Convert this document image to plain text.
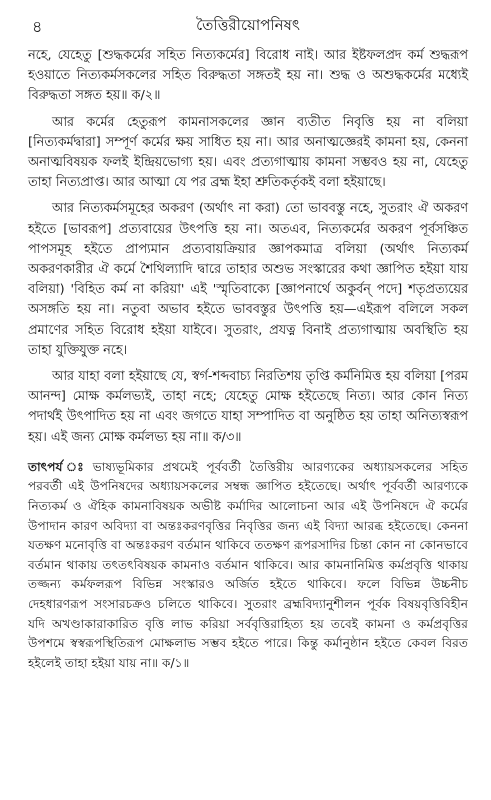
৪	তৈত্তিরীয়োপনিষৎ

নহে, যেহেতু [শুদ্ধকর্মের সহিত নিত্যকর্মের] বিরোধ নাই। আর ইষ্টফলপ্রদ কর্ম শুদ্ধরূপ হওয়াতে নিত্যকর্মসকলের সহিত বিরুদ্ধতা সঙ্গতই হয় না। শুদ্ধ ও অশুদ্ধকর্মের মধ্যেই বিরুদ্ধতা সঙ্গত হয়॥ ক/২॥

আর কর্মের হেতুরূপ কামনাসকলের জ্ঞান ব্যতীত নিবৃত্তি হয় না বলিয়া [নিত্যকর্মদ্বারা] সম্পূর্ণ কর্মের ক্ষয় সাধিত হয় না। আর অনাত্মজ্ঞেরই কামনা হয়, কেননা অনাত্মবিষয়ক ফলই ইন্দ্রিয়ভোগ্য হয়। এবং প্রত্যগাত্মায় কামনা সম্ভবও হয় না, যেহেতু তাহা নিত্যপ্রাপ্ত। আর আত্মা যে পর ব্রহ্ম ইহা শ্রুতিকর্তৃকই বলা হইয়াছে।

আর নিত্যকর্মসমূহের অকরণ (অর্থাৎ না করা) তো ভাববস্তু নহে, সুতরাং ঐ অকরণ হইতে [ভাবরূপ] প্রত্যবায়ের উৎপত্তি হয় না। অতএব, নিত্যকর্মের অকরণ পূর্বসঞ্চিত পাপসমূহ হইতে প্রাপ্যমান প্রত্যবায়ক্রিয়ার জ্ঞাপকমাত্র বলিয়া (অর্থাৎ নিত্যকর্ম অকরণকারীর ঐ কর্মে শৈথিল্যাদি দ্বারে তাহার অশুভ সংস্কারের কথা জ্ঞাপিত হইয়া যায় বলিয়া) 'বিহিত কর্ম না করিয়া' এই 'স্মৃতিবাক্যে [জ্ঞাপনার্থে অকুর্বন্ পদে] শতৃপ্রত্যয়ের অসঙ্গতি হয় না। নতুবা অভাব হইতে ভাববস্তুর উৎপত্তি হয়—এইরূপ বলিলে সকল প্রমাণের সহিত বিরোধ হইয়া যাইবে। সুতরাং, প্রযত্ন বিনাই প্রত্যগাত্মায় অবস্থিতি হয় তাহা যুক্তিযুক্ত নহে।

আর যাহা বলা হইয়াছে যে, স্বর্গ-শব্দবাচ্য নিরতিশয় তৃপ্তি কর্মনিমিত্ত হয় বলিয়া [পরম আনন্দ] মোক্ষ কর্মলভ্যই, তাহা নহে; যেহেতু মোক্ষ হইতেছে নিত্য। আর কোন নিত্য পদার্থই উৎপাদিত হয় না এবং জগতে যাহা সম্পাদিত বা অনুষ্ঠিত হয় তাহা অনিত্যস্বরূপ হয়। এই জন্য মোক্ষ কর্মলভ্য হয় না॥ ক/৩॥

তাৎপর্য ঃ ভাষ্যভূমিকার প্রথমেই পূর্ববর্তী তৈত্তিরীয় আরণ্যকের অধ্যায়সকলের সহিত পরবর্তী এই উপনিষদের অধ্যায়সকলের সম্বন্ধ জ্ঞাপিত হইতেছে। অর্থাৎ পূর্ববর্তী আরণ্যকে নিত্যকর্ম ও ঐহিক কামনাবিষয়ক অভীষ্ট কর্মাদির আলোচনা আর এই উপনিষদে ঐ কর্মের উপাদান কারণ অবিদ্যা বা অন্তঃকরণবৃত্তির নিবৃত্তির জন্য এই বিদ্যা আরব্ধ হইতেছে। কেননা যতক্ষণ মনোবৃত্তি বা অন্তঃকরণ বর্তমান থাকিবে ততক্ষণ রূপরসাদির চিন্তা কোন না কোনভাবে বর্তমান থাকায় তৎতৎবিষয়ক কামনাও বর্তমান থাকিবে। আর কামনানিমিত্ত কর্মপ্রবৃত্তি থাকায় তজ্জন্য কর্মফলরূপ বিভিন্ন সংস্কারও অর্জিত হইতে থাকিবে। ফলে বিভিন্ন উচ্চনীচ দেহধারণরূপ সংসারচক্রও চলিতে থাকিবে। সুতরাং ব্রহ্মবিদ্যানুশীলন পূর্বক বিষয়বৃত্তিবিহীন যদি অখণ্ডাকারাকারিত বৃত্তি লাভ করিয়া সর্ববৃত্তিরাহিত্য হয় তবেই কামনা ও কর্মপ্রবৃত্তির উপশমে স্বস্বরূপস্থিতিরূপ মোক্ষলাভ সম্ভব হইতে পারে। কিন্তু কর্মানুষ্ঠান হইতে কেবল বিরত হইলেই তাহা হইয়া যায় না॥ ক/১॥
